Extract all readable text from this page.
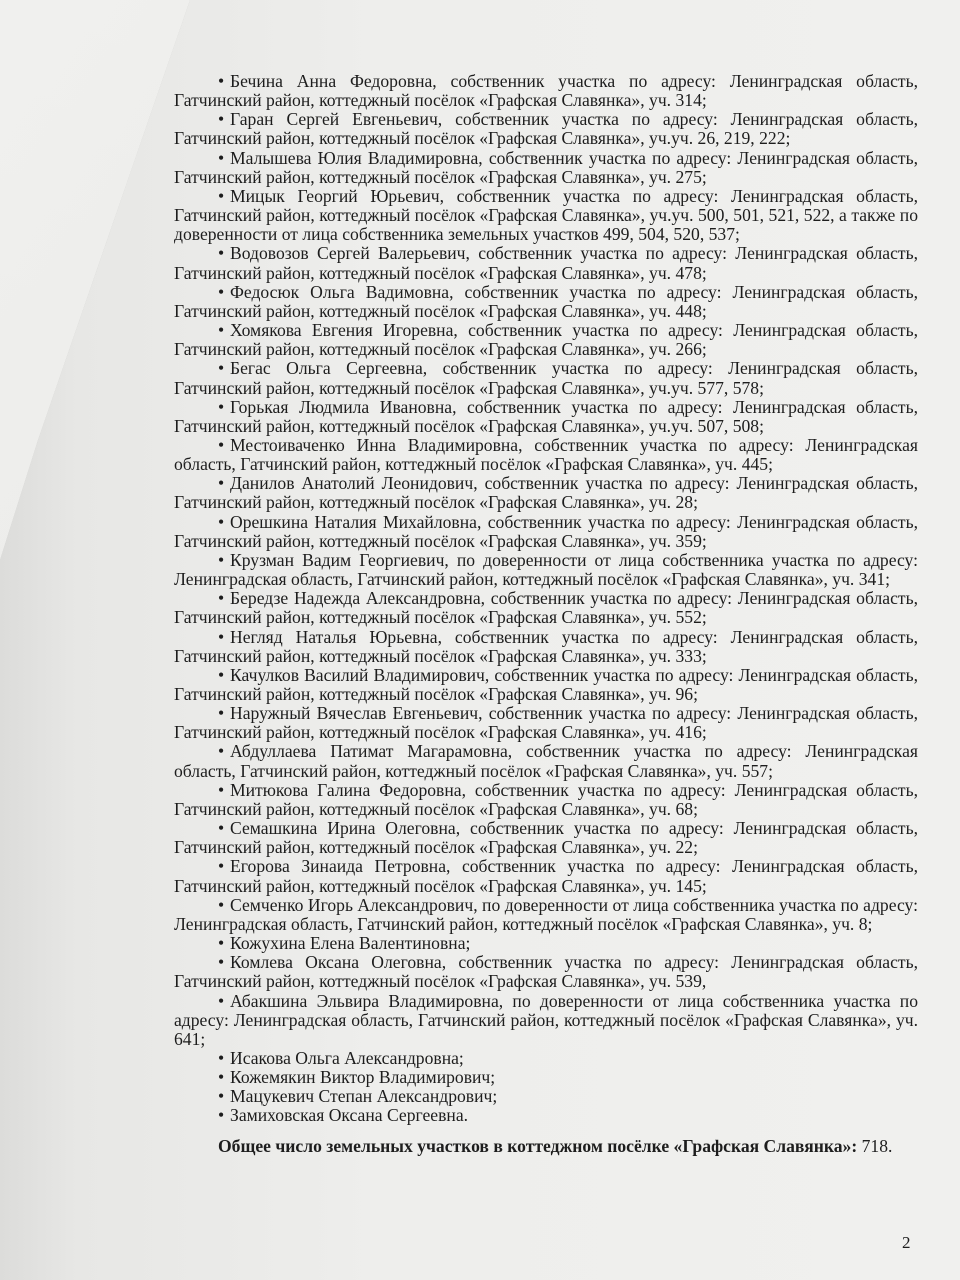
• Бечина Анна Федоровна, собственник участка по адресу: Ленинградская область, Гатчинский район, коттеджный посёлок «Графская Славянка», уч. 314;

• Гаран Сергей Евгеньевич, собственник участка по адресу: Ленинградская область, Гатчинский район, коттеджный посёлок «Графская Славянка», уч.уч. 26, 219, 222;

• Малышева Юлия Владимировна, собственник участка по адресу: Ленинградская область, Гатчинский район, коттеджный посёлок «Графская Славянка», уч. 275;

• Мицык Георгий Юрьевич, собственник участка по адресу: Ленинградская область, Гатчинский район, коттеджный посёлок «Графская Славянка», уч.уч. 500, 501, 521, 522, а также по доверенности от лица собственника земельных участков 499, 504, 520, 537;

• Водовозов Сергей Валерьевич, собственник участка по адресу: Ленинградская область, Гатчинский район, коттеджный посёлок «Графская Славянка», уч. 478;

• Федосюк Ольга Вадимовна, собственник участка по адресу: Ленинградская область, Гатчинский район, коттеджный посёлок «Графская Славянка», уч. 448;

• Хомякова Евгения Игоревна, собственник участка по адресу: Ленинградская область, Гатчинский район, коттеджный посёлок «Графская Славянка», уч. 266;

• Бегас Ольга Сергеевна, собственник участка по адресу: Ленинградская область, Гатчинский район, коттеджный посёлок «Графская Славянка», уч.уч. 577, 578;

• Горькая Людмила Ивановна, собственник участка по адресу: Ленинградская область, Гатчинский район, коттеджный посёлок «Графская Славянка», уч.уч. 507, 508;

• Местоиваченко Инна Владимировна, собственник участка по адресу: Ленинградская область, Гатчинский район, коттеджный посёлок «Графская Славянка», уч. 445;

• Данилов Анатолий Леонидович, собственник участка по адресу: Ленинградская область, Гатчинский район, коттеджный посёлок «Графская Славянка», уч. 28;

• Орешкина Наталия Михайловна, собственник участка по адресу: Ленинградская область, Гатчинский район, коттеджный посёлок «Графская Славянка», уч. 359;

• Крузман Вадим Георгиевич, по доверенности от лица собственника участка по адресу: Ленинградская область, Гатчинский район, коттеджный посёлок «Графская Славянка», уч. 341;

• Бередзе Надежда Александровна, собственник участка по адресу: Ленинградская область, Гатчинский район, коттеджный посёлок «Графская Славянка», уч. 552;

• Негляд Наталья Юрьевна, собственник участка по адресу: Ленинградская область, Гатчинский район, коттеджный посёлок «Графская Славянка», уч. 333;

• Качулков Василий Владимирович, собственник участка по адресу: Ленинградская область, Гатчинский район, коттеджный посёлок «Графская Славянка», уч. 96;

• Наружный Вячеслав Евгеньевич, собственник участка по адресу: Ленинградская область, Гатчинский район, коттеджный посёлок «Графская Славянка», уч. 416;

• Абдуллаева Патимат Магарамовна, собственник участка по адресу: Ленинградская область, Гатчинский район, коттеджный посёлок «Графская Славянка», уч. 557;

• Митюкова Галина Федоровна, собственник участка по адресу: Ленинградская область, Гатчинский район, коттеджный посёлок «Графская Славянка», уч. 68;

• Семашкина Ирина Олеговна, собственник участка по адресу: Ленинградская область, Гатчинский район, коттеджный посёлок «Графская Славянка», уч. 22;

• Егорова Зинаида Петровна, собственник участка по адресу: Ленинградская область, Гатчинский район, коттеджный посёлок «Графская Славянка», уч. 145;

• Семченко Игорь Александрович, по доверенности от лица собственника участка по адресу: Ленинградская область, Гатчинский район, коттеджный посёлок «Графская Славянка», уч. 8;

• Кожухина Елена Валентиновна;

• Комлева Оксана Олеговна, собственник участка по адресу: Ленинградская область, Гатчинский район, коттеджный посёлок «Графская Славянка», уч. 539,

• Абакшина Эльвира Владимировна, по доверенности от лица собственника участка по адресу: Ленинградская область, Гатчинский район, коттеджный посёлок «Графская Славянка», уч. 641;

• Исакова Ольга Александровна;

• Кожемякин Виктор Владимирович;

• Мацукевич Степан Александрович;

• Замиховская Оксана Сергеевна.

Общее число земельных участков в коттеджном посёлке «Графская Славянка»: 718.

2
